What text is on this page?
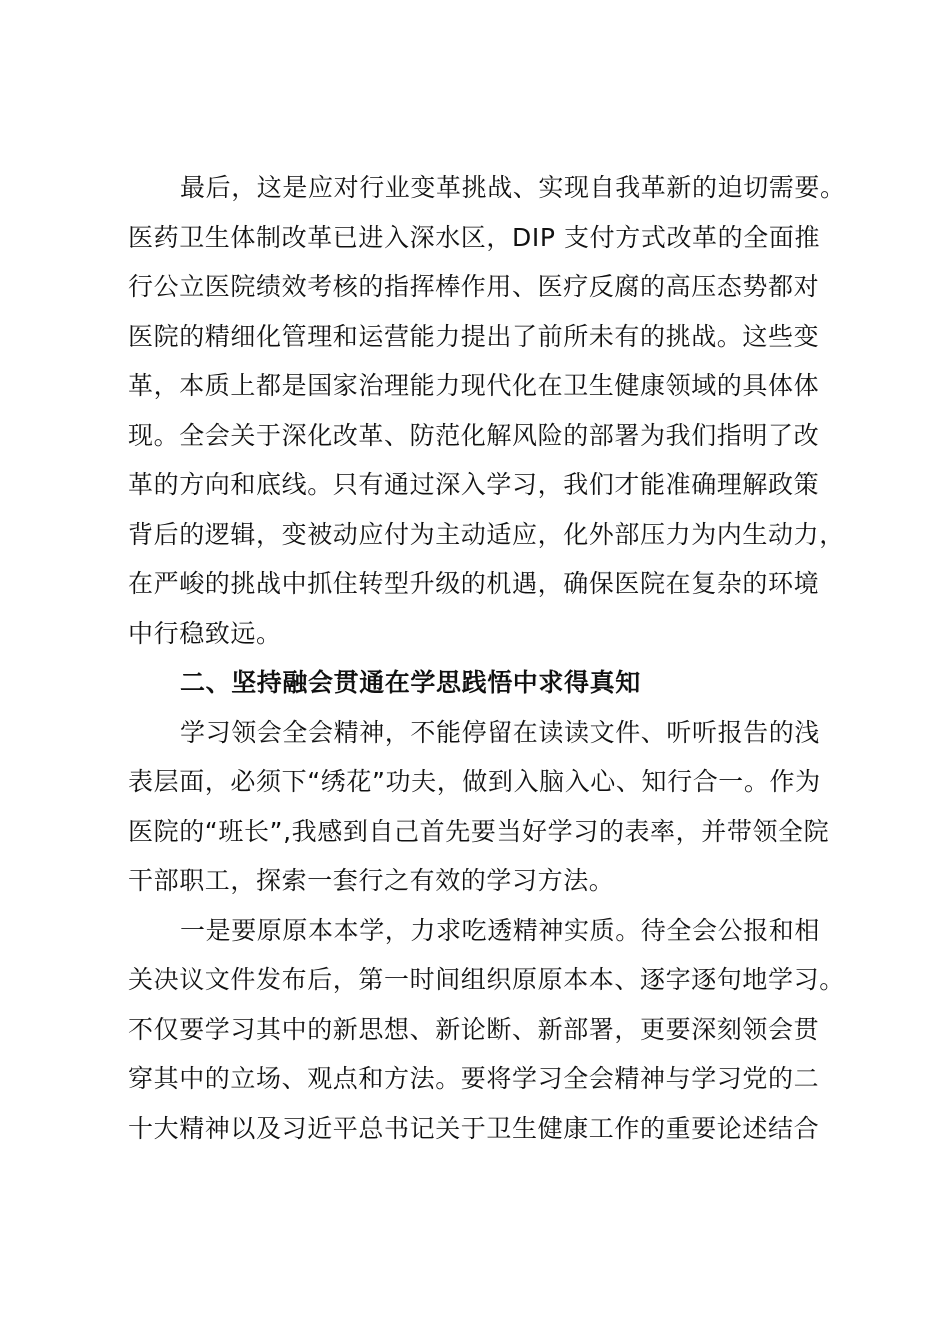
最后，这是应对行业变革挑战、实现自我革新的迫切需要。
医药卫生体制改革已进入深水区，DIP 支付方式改革的全面推
行公立医院绩效考核的指挥棒作用、医疗反腐的高压态势都对
医院的精细化管理和运营能力提出了前所未有的挑战。这些变
革，本质上都是国家治理能力现代化在卫生健康领域的具体体
现。全会关于深化改革、防范化解风险的部署为我们指明了改
革的方向和底线。只有通过深入学习，我们才能准确理解政策
背后的逻辑，变被动应付为主动适应，化外部压力为内生动力，
在严峻的挑战中抓住转型升级的机遇，确保医院在复杂的环境
中行稳致远。
二、坚持融会贯通在学思践悟中求得真知
学习领会全会精神，不能停留在读读文件、听听报告的浅
表层面，必须下“绣花”功夫，做到入脑入心、知行合一。作为
医院的“班长”,我感到自己首先要当好学习的表率，并带领全院
干部职工，探索一套行之有效的学习方法。
一是要原原本本学，力求吃透精神实质。待全会公报和相
关决议文件发布后，第一时间组织原原本本、逐字逐句地学习。
不仅要学习其中的新思想、新论断、新部署，更要深刻领会贯
穿其中的立场、观点和方法。要将学习全会精神与学习党的二
十大精神以及习近平总书记关于卫生健康工作的重要论述结合
